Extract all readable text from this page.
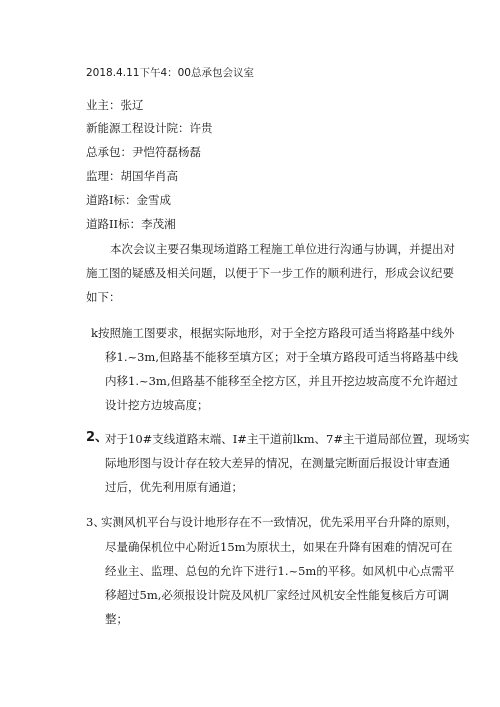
2018.4.11下午4：00总承包会议室
业主：张辽
新能源工程设计院：许贵
总承包：尹恺符磊杨磊
监理：胡国华肖高
道路I标：金雪成
道路II标：李茂湘
本次会议主要召集现场道路工程施工单位进行沟通与协调，并提出对
施工图的疑感及相关问题，以便于下一步工作的顺利进行，形成会议纪要
如下：
k 按照施工图要求，根据实际地形，对于全挖方路段可适当将路基中线外
移1.~3m,但路基不能移至填方区；对于全填方路段可适当将路基中线
内移1.~3m,但路基不能移至全挖方区，并且开挖边坡高度不允许超过
设计挖方边坡高度；
2、
对于10#支线道路末端、I#主干道前lkm、7#主干道局部位置，现场实
际地形图与设计存在较大差异的情况，在测量完断面后报设计审查通
过后，优先利用原有通道；
3、
实测风机平台与设计地形存在不一致情况，优先采用平台升降的原则，
尽量确保机位中心附近15m为原状土，如果在升降有困难的情况可在
经业主、监理、总包的允许下进行1.~5m的平移。如风机中心点需平
移超过5m,必须报设计院及风机厂家经过风机安全性能复核后方可调
整；
